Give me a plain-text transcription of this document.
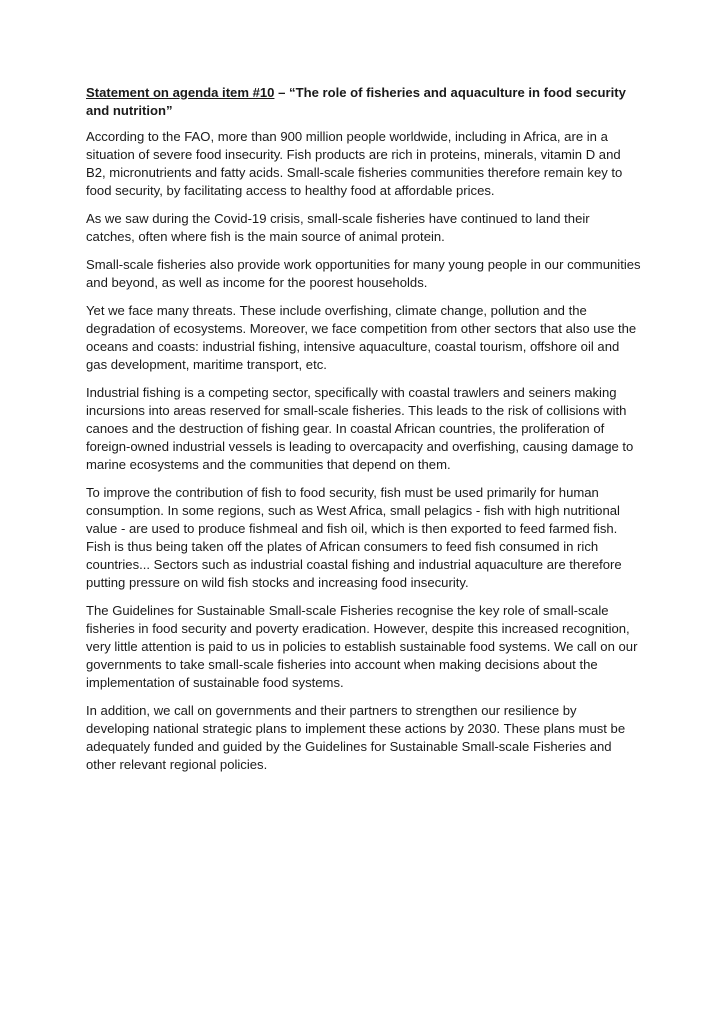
Statement on agenda item #10 – “The role of fisheries and aquaculture in food security and nutrition”

According to the FAO, more than 900 million people worldwide, including in Africa, are in a situation of severe food insecurity. Fish products are rich in proteins, minerals, vitamin D and B2, micronutrients and fatty acids. Small-scale fisheries communities therefore remain key to food security, by facilitating access to healthy food at affordable prices.

As we saw during the Covid-19 crisis, small-scale fisheries have continued to land their catches, often where fish is the main source of animal protein.

Small-scale fisheries also provide work opportunities for many young people in our communities and beyond, as well as income for the poorest households.

Yet we face many threats. These include overfishing, climate change, pollution and the degradation of ecosystems. Moreover, we face competition from other sectors that also use the oceans and coasts: industrial fishing, intensive aquaculture, coastal tourism, offshore oil and gas development, maritime transport, etc.

Industrial fishing is a competing sector, specifically with coastal trawlers and seiners making incursions into areas reserved for small-scale fisheries. This leads to the risk of collisions with canoes and the destruction of fishing gear. In coastal African countries, the proliferation of foreign-owned industrial vessels is leading to overcapacity and overfishing, causing damage to marine ecosystems and the communities that depend on them.

To improve the contribution of fish to food security, fish must be used primarily for human consumption. In some regions, such as West Africa, small pelagics - fish with high nutritional value - are used to produce fishmeal and fish oil, which is then exported to feed farmed fish. Fish is thus being taken off the plates of African consumers to feed fish consumed in rich countries... Sectors such as industrial coastal fishing and industrial aquaculture are therefore putting pressure on wild fish stocks and increasing food insecurity.

The Guidelines for Sustainable Small-scale Fisheries recognise the key role of small-scale fisheries in food security and poverty eradication. However, despite this increased recognition, very little attention is paid to us in policies to establish sustainable food systems. We call on our governments to take small-scale fisheries into account when making decisions about the implementation of sustainable food systems.

In addition, we call on governments and their partners to strengthen our resilience by developing national strategic plans to implement these actions by 2030. These plans must be adequately funded and guided by the Guidelines for Sustainable Small-scale Fisheries and other relevant regional policies.
